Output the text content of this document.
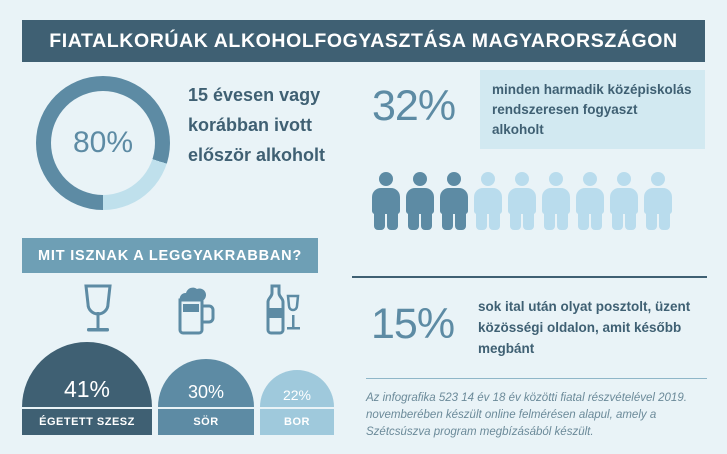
FIATALKORÚAK ALKOHOLFOGYASZTÁSA MAGYARORSZÁGON
80%
15 évesen vagy korábban ivott először alkoholt
32%	minden harmadik középiskolás rendszeresen fogyaszt alkoholt
MIT ISZNAK A LEGGYAKRABBAN?
41%
ÉGETETT SZESZ
30%
SÖR
22%
BOR
15% sok ital után olyat posztolt, üzent közösségi oldalon, amit később megbánt
Az infografika 523 14 év 18 év közötti fiatal részvételével 2019. novemberében készült online felmérésen alapul, amely a Szétcsúszva program megbízásából készült.
